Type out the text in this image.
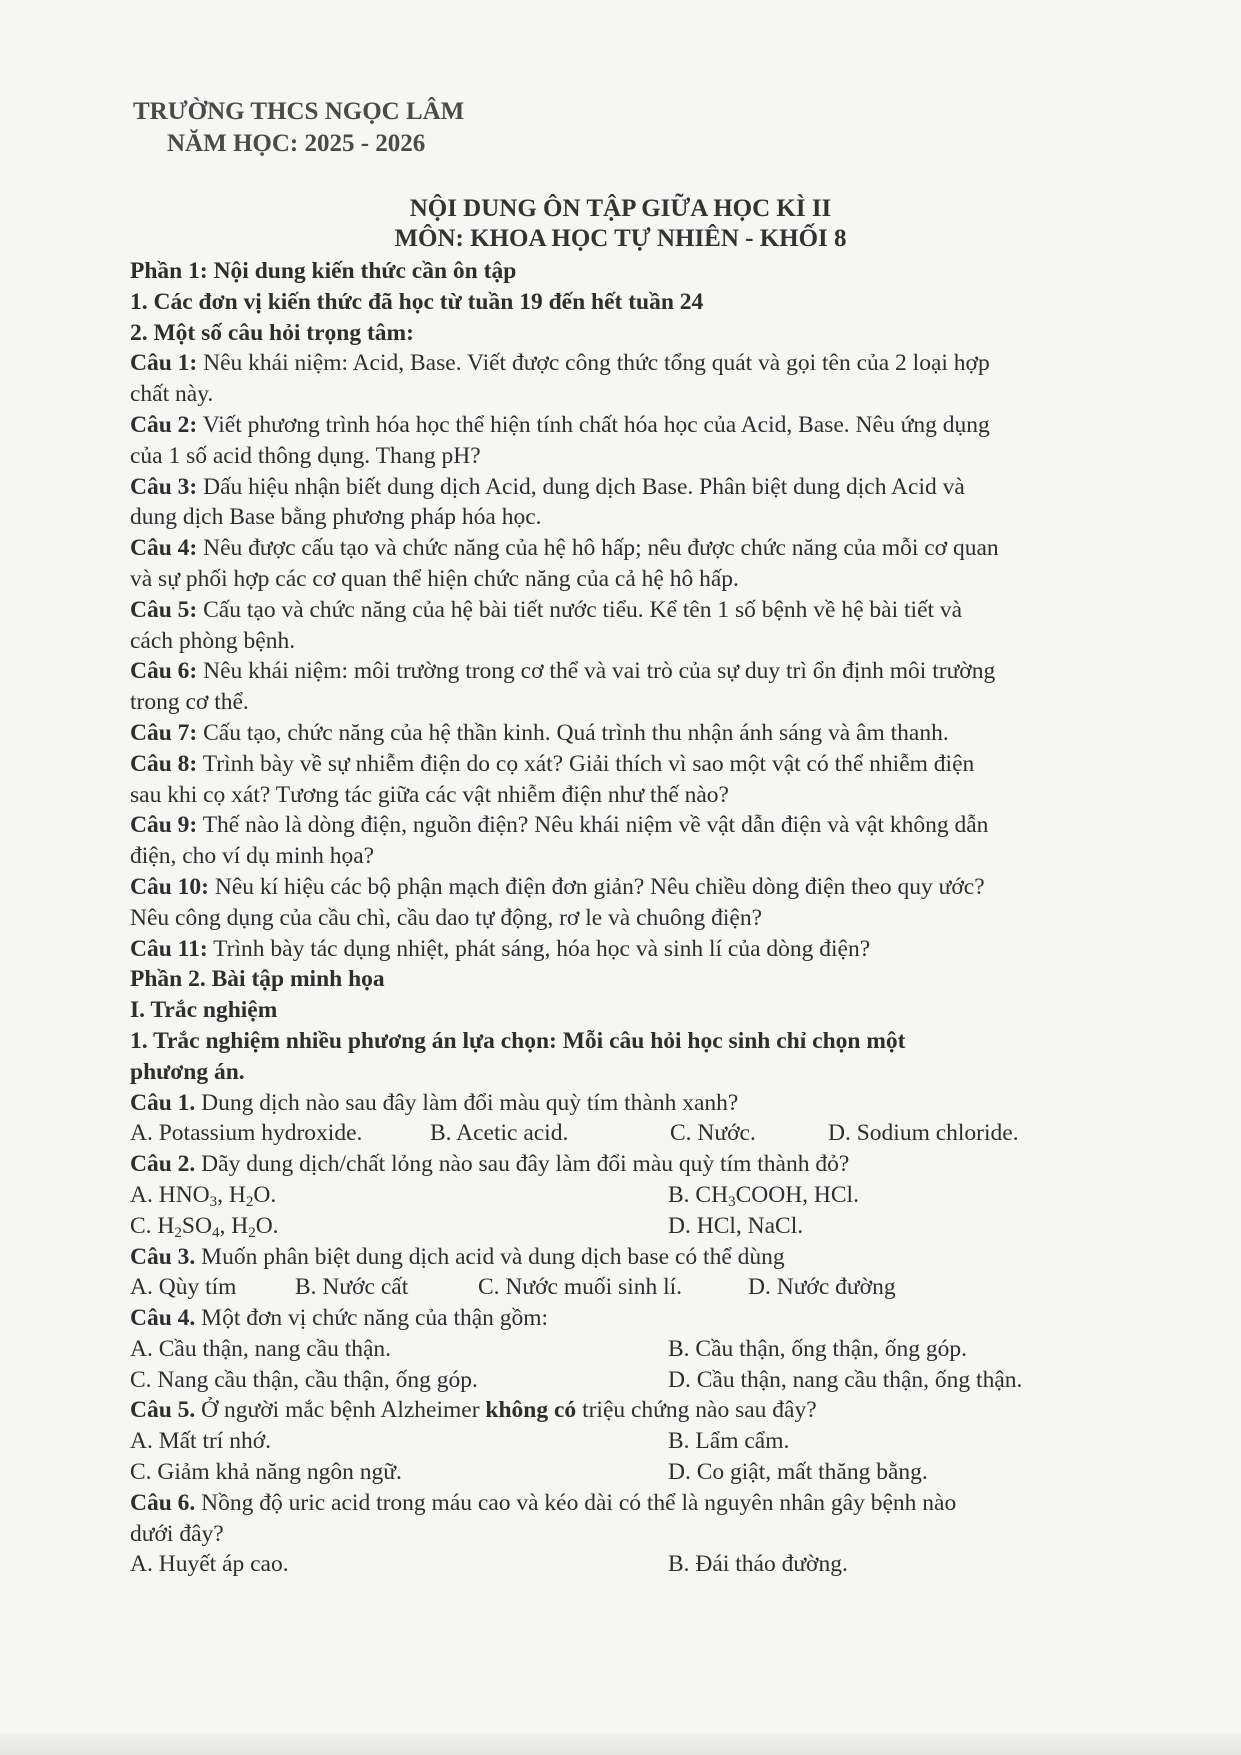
TRƯỜNG THCS NGỌC LÂM
NĂM HỌC: 2025 - 2026
NỘI DUNG ÔN TẬP GIỮA HỌC KÌ II
MÔN: KHOA HỌC TỰ NHIÊN - KHỐI 8
Phần 1: Nội dung kiến thức cần ôn tập
1. Các đơn vị kiến thức đã học từ tuần 19 đến hết tuần 24
2. Một số câu hỏi trọng tâm:
Câu 1: Nêu khái niệm: Acid, Base. Viết được công thức tổng quát và gọi tên của 2 loại hợp
chất này.
Câu 2: Viết phương trình hóa học thể hiện tính chất hóa học của Acid, Base. Nêu ứng dụng
của 1 số acid thông dụng. Thang pH?
Câu 3: Dấu hiệu nhận biết dung dịch Acid, dung dịch Base. Phân biệt dung dịch Acid và
dung dịch Base bằng phương pháp hóa học.
Câu 4: Nêu được cấu tạo và chức năng của hệ hô hấp; nêu được chức năng của mỗi cơ quan
và sự phối hợp các cơ quan thể hiện chức năng của cả hệ hô hấp.
Câu 5: Cấu tạo và chức năng của hệ bài tiết nước tiểu. Kể tên 1 số bệnh về hệ bài tiết và
cách phòng bệnh.
Câu 6: Nêu khái niệm: môi trường trong cơ thể và vai trò của sự duy trì ổn định môi trường
trong cơ thể.
Câu 7: Cấu tạo, chức năng của hệ thần kinh. Quá trình thu nhận ánh sáng và âm thanh.
Câu 8: Trình bày về sự nhiễm điện do cọ xát? Giải thích vì sao một vật có thể nhiễm điện
sau khi cọ xát? Tương tác giữa các vật nhiễm điện như thế nào?
Câu 9: Thế nào là dòng điện, nguồn điện? Nêu khái niệm về vật dẫn điện và vật không dẫn
điện, cho ví dụ minh họa?
Câu 10: Nêu kí hiệu các bộ phận mạch điện đơn giản? Nêu chiều dòng điện theo quy ước?
Nêu công dụng của cầu chì, cầu dao tự động, rơ le và chuông điện?
Câu 11: Trình bày tác dụng nhiệt, phát sáng, hóa học và sinh lí của dòng điện?
Phần 2. Bài tập minh họa
I. Trắc nghiệm
1. Trắc nghiệm nhiều phương án lựa chọn: Mỗi câu hỏi học sinh chỉ chọn một
phương án.
Câu 1. Dung dịch nào sau đây làm đổi màu quỳ tím thành xanh?
A. Potassium hydroxide.	B. Acetic acid.	C. Nước.	D. Sodium chloride.
Câu 2. Dãy dung dịch/chất lỏng nào sau đây làm đổi màu quỳ tím thành đỏ?
A. $HNO_3$, $H_2O$.	B. $CH_3COOH$, HCl.
C. $H_2SO_4$, $H_2O$.	D. HCl, NaCl.
Câu 3. Muốn phân biệt dung dịch acid và dung dịch base có thể dùng
A. Qùy tím B. Nước cất	C. Nước muối sinh lí.	D. Nước đường
Câu 4. Một đơn vị chức năng của thận gồm:
A. Cầu thận, nang cầu thận.	B. Cầu thận, ống thận, ống góp.
C. Nang cầu thận, cầu thận, ống góp.	D. Cầu thận, nang cầu thận, ống thận.
Câu 5. Ở người mắc bệnh Alzheimer không có triệu chứng nào sau đây?
A. Mất trí nhớ.	B. Lẩm cẩm.
C. Giảm khả năng ngôn ngữ.	D. Co giật, mất thăng bằng.
Câu 6. Nồng độ uric acid trong máu cao và kéo dài có thể là nguyên nhân gây bệnh nào
dưới đây?
A. Huyết áp cao.	B. Đái tháo đường.
